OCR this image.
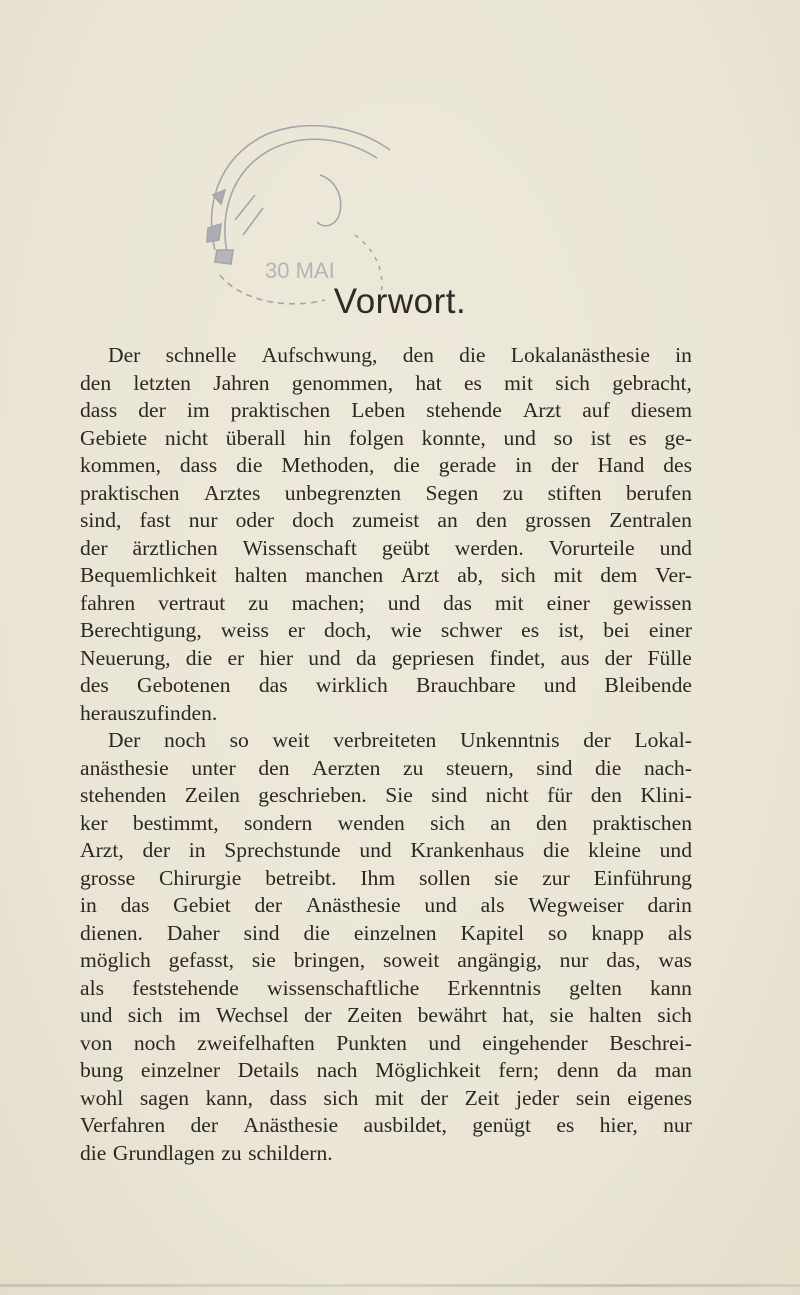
30 MAI
Vorwort.
Der schnelle Aufschwung, den die Lokalanästhesie in
den letzten Jahren genommen, hat es mit sich gebracht,
dass der im praktischen Leben stehende Arzt auf diesem
Gebiete nicht überall hin folgen konnte, und so ist es ge-
kommen, dass die Methoden, die gerade in der Hand des
praktischen Arztes unbegrenzten Segen zu stiften berufen
sind, fast nur oder doch zumeist an den grossen Zentralen
der ärztlichen Wissenschaft geübt werden. Vorurteile und
Bequemlichkeit halten manchen Arzt ab, sich mit dem Ver-
fahren vertraut zu machen; und das mit einer gewissen
Berechtigung, weiss er doch, wie schwer es ist, bei einer
Neuerung, die er hier und da gepriesen findet, aus der Fülle
des Gebotenen das wirklich Brauchbare und Bleibende
herauszufinden.
Der noch so weit verbreiteten Unkenntnis der Lokal-
anästhesie unter den Aerzten zu steuern, sind die nach-
stehenden Zeilen geschrieben. Sie sind nicht für den Klini-
ker bestimmt, sondern wenden sich an den praktischen
Arzt, der in Sprechstunde und Krankenhaus die kleine und
grosse Chirurgie betreibt. Ihm sollen sie zur Einführung
in das Gebiet der Anästhesie und als Wegweiser darin
dienen. Daher sind die einzelnen Kapitel so knapp als
möglich gefasst, sie bringen, soweit angängig, nur das, was
als feststehende wissenschaftliche Erkenntnis gelten kann
und sich im Wechsel der Zeiten bewährt hat, sie halten sich
von noch zweifelhaften Punkten und eingehender Beschrei-
bung einzelner Details nach Möglichkeit fern; denn da man
wohl sagen kann, dass sich mit der Zeit jeder sein eigenes
Verfahren der Anästhesie ausbildet, genügt es hier, nur
die Grundlagen zu schildern.
